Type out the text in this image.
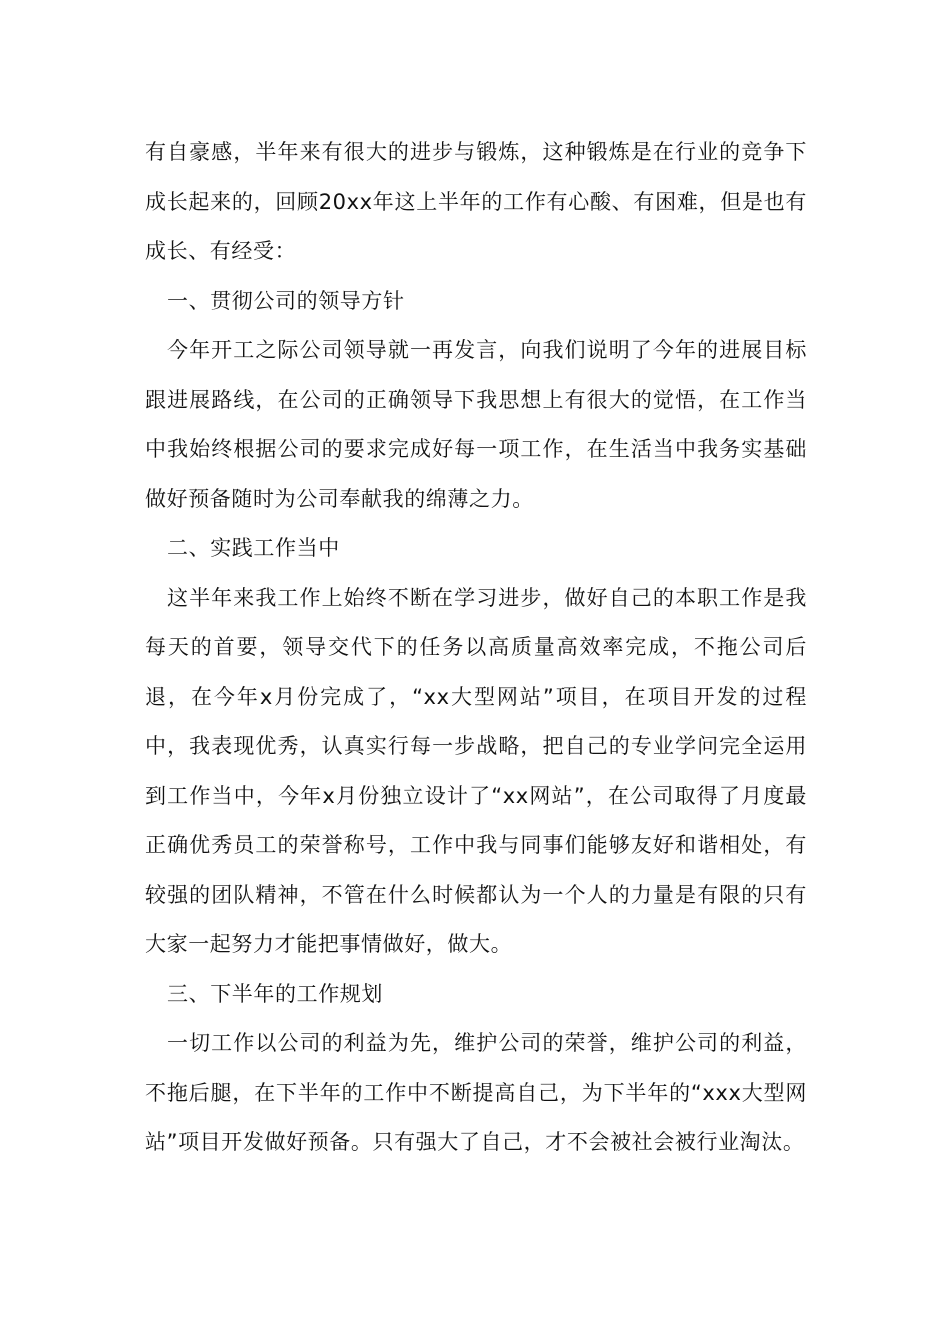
有自豪感，半年来有很大的进步与锻炼，这种锻炼是在行业的竞争下成长起来的，回顾20xx年这上半年的工作有心酸、有困难，但是也有成长、有经受：

一、贯彻公司的领导方针

今年开工之际公司领导就一再发言，向我们说明了今年的进展目标跟进展路线，在公司的正确领导下我思想上有很大的觉悟，在工作当中我始终根据公司的要求完成好每一项工作，在生活当中我务实基础做好预备随时为公司奉献我的绵薄之力。

二、实践工作当中

这半年来我工作上始终不断在学习进步，做好自己的本职工作是我每天的首要，领导交代下的任务以高质量高效率完成，不拖公司后退，在今年x月份完成了，“xx大型网站”项目，在项目开发的过程中，我表现优秀，认真实行每一步战略，把自己的专业学问完全运用到工作当中，今年x月份独立设计了“xx网站”，在公司取得了月度最正确优秀员工的荣誉称号，工作中我与同事们能够友好和谐相处，有较强的团队精神，不管在什么时候都认为一个人的力量是有限的只有大家一起努力才能把事情做好，做大。

三、下半年的工作规划

一切工作以公司的利益为先，维护公司的荣誉，维护公司的利益，不拖后腿，在下半年的工作中不断提高自己，为下半年的“xxx大型网站”项目开发做好预备。只有强大了自己，才不会被社会被行业淘汰。
